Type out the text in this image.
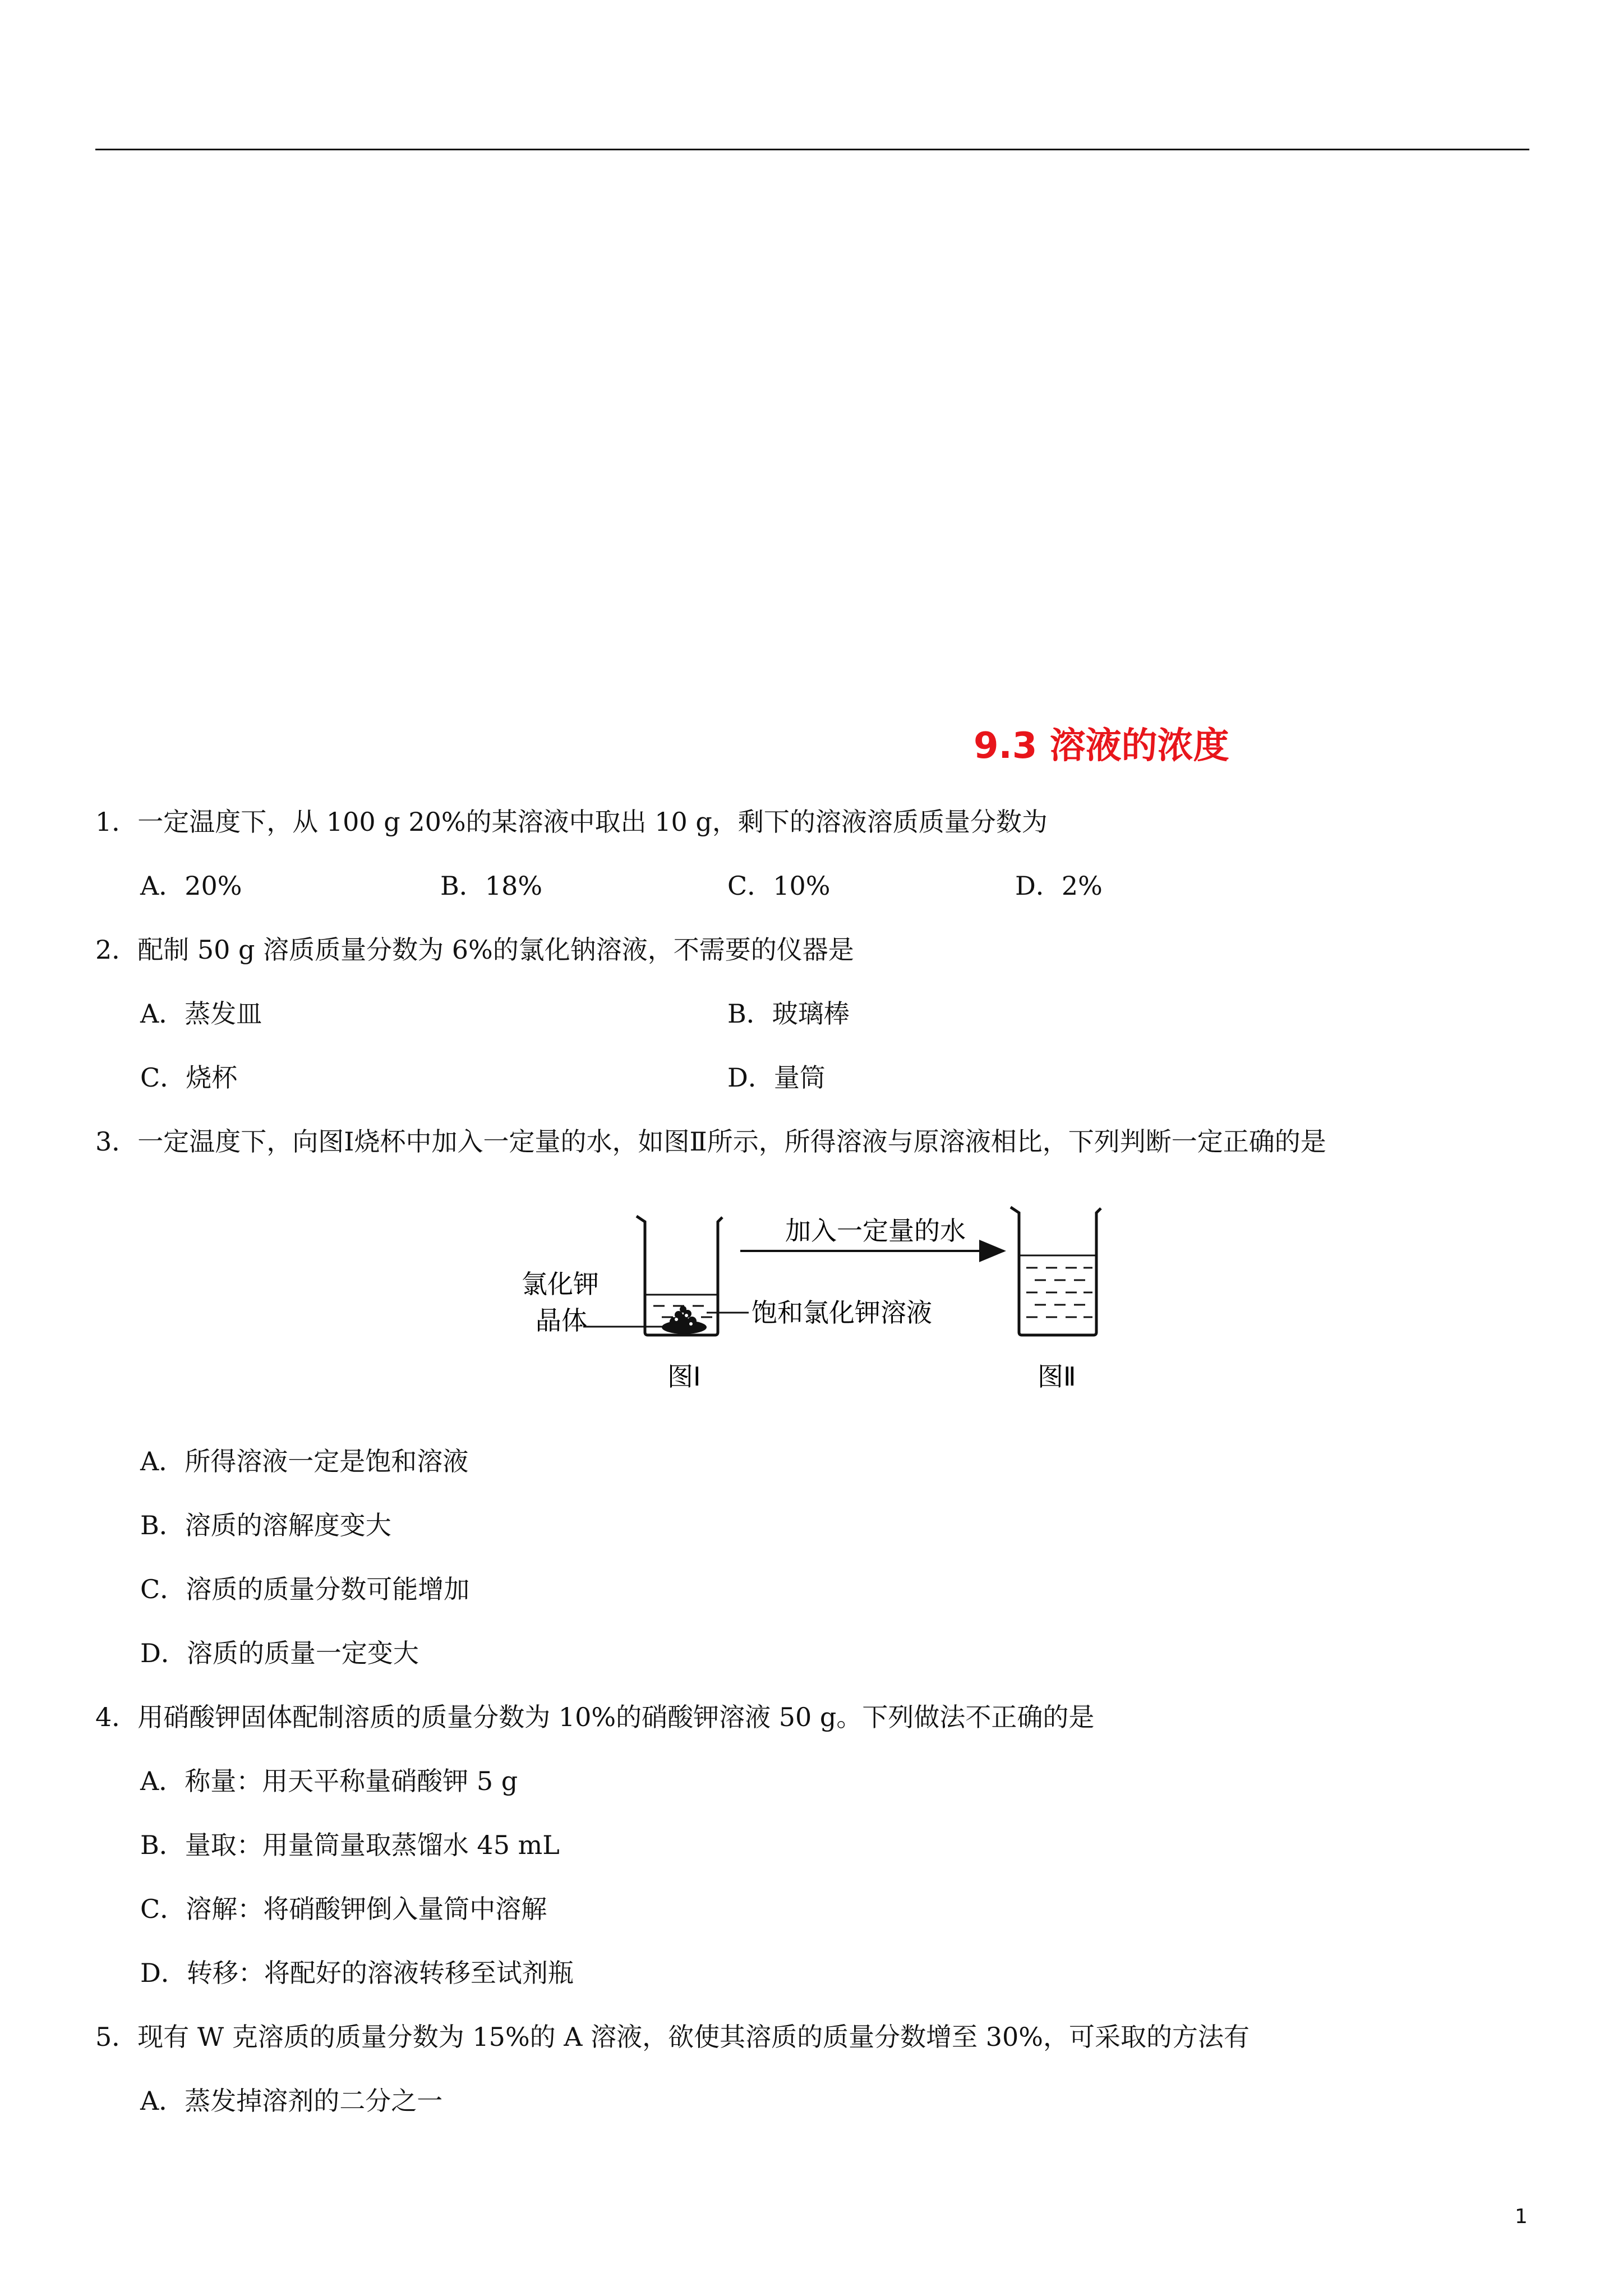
9.3 溶液的浓度
1．一定温度下，从 100 g 20%的某溶液中取出 10 g，剩下的溶液溶质质量分数为
A．20%	B．18%	C．10%	D．2%
2．配制 50 g 溶质质量分数为 6%的氯化钠溶液，不需要的仪器是
A．蒸发皿	B．玻璃棒
C．烧杯	D．量筒
3．一定温度下，向图Ⅰ烧杯中加入一定量的水，如图Ⅱ所示，所得溶液与原溶液相比，下列判断一定正确的是
氯化钾
晶体	饱和氯化钾溶液
加入一定量的水
图Ⅰ	图Ⅱ
A．所得溶液一定是饱和溶液
B．溶质的溶解度变大
C．溶质的质量分数可能增加
D．溶质的质量一定变大
4．用硝酸钾固体配制溶质的质量分数为 10%的硝酸钾溶液 50 g。下列做法不正确的是
A．称量：用天平称量硝酸钾 5 g
B．量取：用量筒量取蒸馏水 45 mL
C．溶解：将硝酸钾倒入量筒中溶解
D．转移：将配好的溶液转移至试剂瓶
5．现有 W 克溶质的质量分数为 15%的 A 溶液，欲使其溶质的质量分数增至 30%，可采取的方法有
A．蒸发掉溶剂的二分之一
1
